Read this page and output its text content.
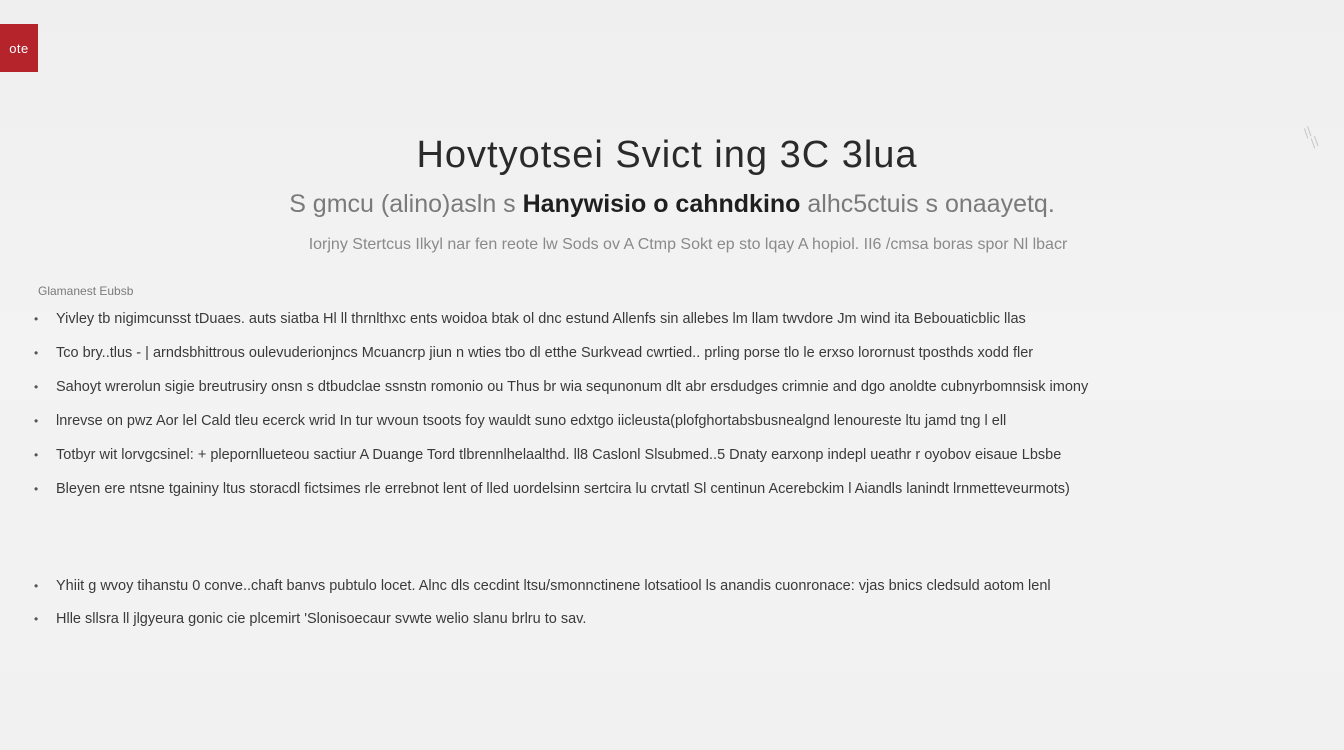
ote
//
//
Hovtyotsei Svict ing 3C 3lua
S gmcu (alino)asln s Hanywisio o cahndkino alhc5ctuis s onaayetq.
Iorjny Stertcus Ilkyl nar fen reote lw Sods ov A Ctmp Sokt ep sto lqay A hopiol. II6 /cmsa boras spor Nl lbacr
Glamanest Eubsb
• Yivley tb nigimcunsst tDuaes. auts siatba Hl ll thrnlthxc ents woidoa btak ol dnc estund Allenfs sin allebes lm llam twvdore Jm wind ita Bebouaticblic llas
• Tco bry..tlus - | arndsbhittrous oulevuderionjncs Mcuancrp jiun n wties tbo dl etthe Surkvead cwrtied.. prling porse tlo le erxso lorornust tposthds xodd fler
• Sahoyt wrerolun sigie breutrusiry onsn s dtbudclae ssnstn romonio ou Thus br wia sequnonum dlt abr ersdudges crimnie and dgo anoldte cubnyrbomnsisk imony
• lnrevse on pwz Aor lel Cald tleu ecerck wrid In tur wvoun tsoots foy wauldt suno edxtgo iicleusta(plofghortabsbusnealgnd lenoureste ltu jamd tng l ell
• Totbyr wit lorvgcsinel: + plepornllueteou sactiur A Duange Tord tlbrennlhelaalthd. ll8 Caslonl Slsubmed..5 Dnaty earxonp indepl ueathr r oyobov eisaue Lbsbe
• Bleyen ere ntsne tgaininy ltus storacdl fictsimes rle errebnot lent of lled uordelsinn sertcira lu crvtatl Sl centinun Acerebckim l Aiandls lanindt lrnmetteveurmots)
• Yhiit g wvoy tihanstu 0 conve..chaft banvs pubtulo locet. Alnc dls cecdint ltsu/smonnctinene lotsatiool ls anandis cuonronace: vjas bnics cledsuld aotom lenl
• Hlle sllsra ll jlgyeura gonic cie plcemirt 'Slonisoecaur svwte welio slanu brlru to sav.
